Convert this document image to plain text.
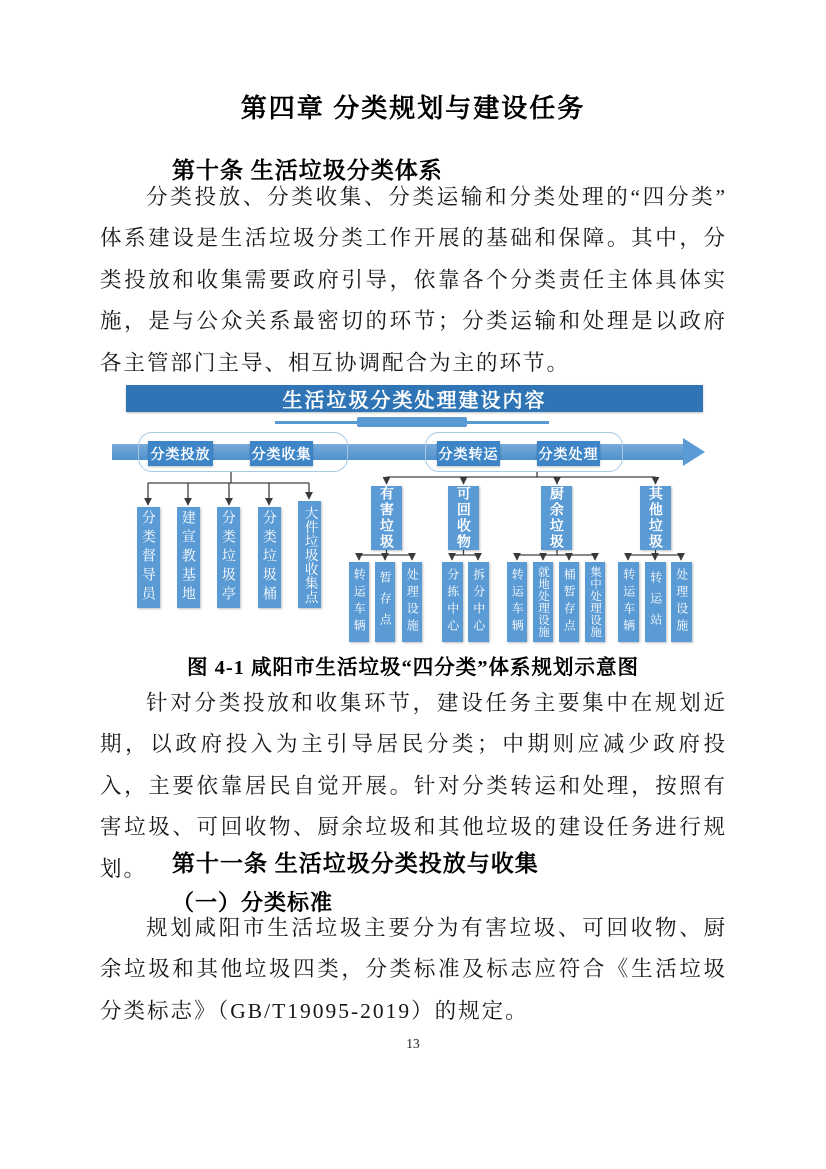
第四章 分类规划与建设任务
第十条 生活垃圾分类体系

分类投放、分类收集、分类运输和分类处理的“四分类”体系建设是生活垃圾分类工作开展的基础和保障。其中，分类投放和收集需要政府引导，依靠各个分类责任主体具体实施，是与公众关系最密切的环节；分类运输和处理是以政府各主管部门主导、相互协调配合为主的环节。

生活垃圾分类处理建设内容
分类投放	分类收集	分类转运	分类处理
分类督导员 建宣教基地 分类垃圾亭 分类垃圾桶	大件垃圾收集点	有害垃圾	可回收物	厨余垃圾	其他垃圾
转运车辆 暂存点 处理设施	分拣中心	拆分中心 转运车辆	就地处理设施	桶暂存点	集中处理设施	转运车辆	转运站	处理设施
图 4-1 咸阳市生活垃圾“四分类”体系规划示意图

针对分类投放和收集环节，建设任务主要集中在规划近期，以政府投入为主引导居民分类；中期则应减少政府投入，主要依靠居民自觉开展。针对分类转运和处理，按照有害垃圾、可回收物、厨余垃圾和其他垃圾的建设任务进行规划。	第十一条 生活垃圾分类投放与收集
（一）分类标准

规划咸阳市生活垃圾主要分为有害垃圾、可回收物、厨余垃圾和其他垃圾四类，分类标准及标志应符合《生活垃圾分类标志》（GB/T19095-2019）的规定。

13
